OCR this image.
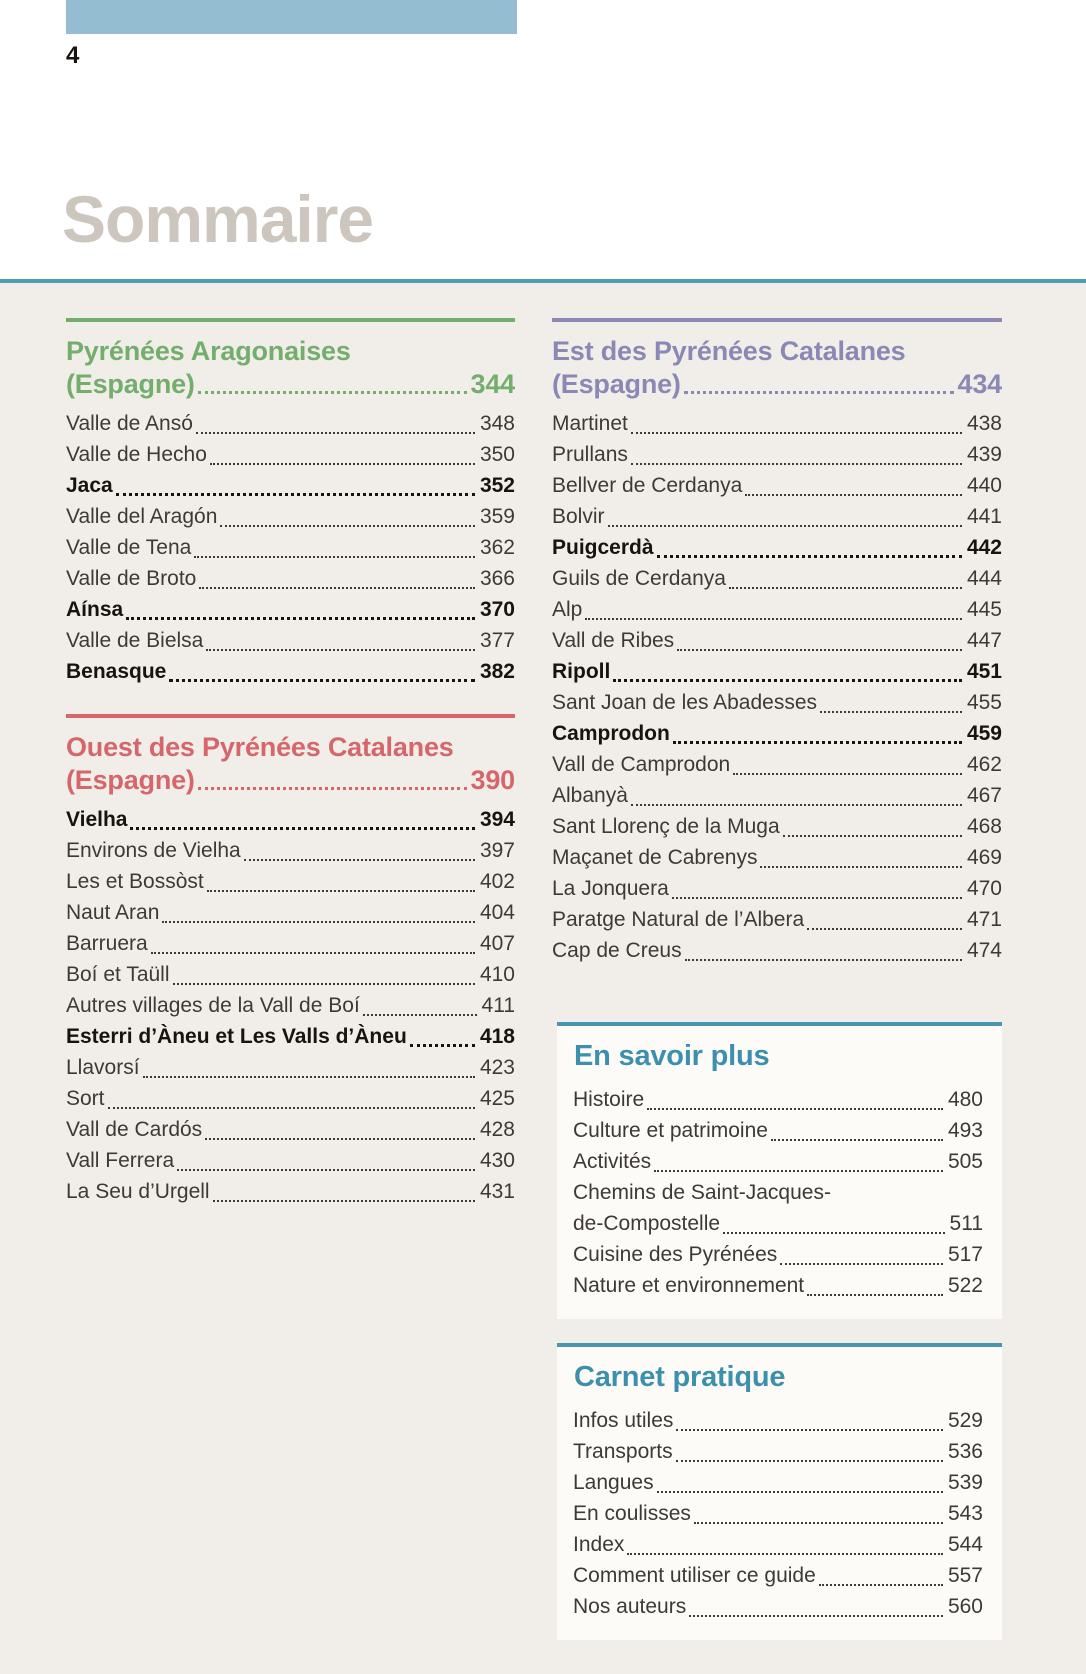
4
Sommaire
Pyrénées Aragonaises
(Espagne)	344
Valle de Ansó	348
Valle de Hecho	350
Jaca	352
Valle del Aragón	359
Valle de Tena	362
Valle de Broto	366
Aínsa	370
Valle de Bielsa	377
Benasque	382
Ouest des Pyrénées Catalanes
(Espagne)	390
Vielha	394
Environs de Vielha	397
Les et Bossòst	402
Naut Aran	404
Barruera	407
Boí et Taüll	410
Autres villages de la Vall de Boí	411
Esterri d’Àneu et Les Valls d’Àneu	418
Llavorsí	423
Sort	425
Vall de Cardós	428
Vall Ferrera	430
La Seu d’Urgell	431
Est des Pyrénées Catalanes
(Espagne)	434
Martinet	438
Prullans	439
Bellver de Cerdanya	440
Bolvir	441
Puigcerdà	442
Guils de Cerdanya	444
Alp	445
Vall de Ribes	447
Ripoll	451
Sant Joan de les Abadesses	455
Camprodon	459
Vall de Camprodon	462
Albanyà	467
Sant Llorenç de la Muga	468
Maçanet de Cabrenys	469
La Jonquera	470
Paratge Natural de l’Albera	471
Cap de Creus	474
En savoir plus
Histoire	480
Culture et patrimoine	493
Activités	505
Chemins de Saint-Jacques-
de-Compostelle	511
Cuisine des Pyrénées	517
Nature et environnement	522
Carnet pratique
Infos utiles	529
Transports	536
Langues	539
En coulisses	543
Index	544
Comment utiliser ce guide	557
Nos auteurs	560
